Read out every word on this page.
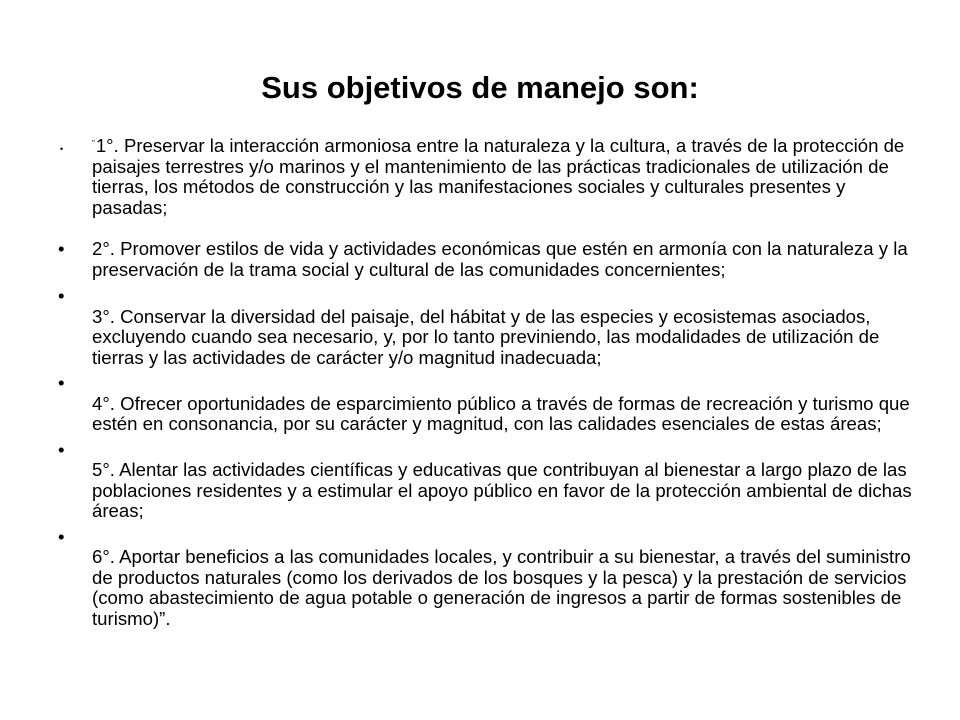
Sus objetivos de manejo son:
•
"1°. Preservar la interacción armoniosa entre la naturaleza y la cultura, a través de la protección de paisajes terrestres y/o marinos y el mantenimiento de las prácticas tradicionales de utilización de tierras, los métodos de construcción y las manifestaciones sociales y culturales presentes y pasadas;
• 2°. Promover estilos de vida y actividades económicas que estén en armonía con la naturaleza y la preservación de la trama social y cultural de las comunidades concernientes;
•
3°. Conservar la diversidad del paisaje, del hábitat y de las especies y ecosistemas asociados, excluyendo cuando sea necesario, y, por lo tanto previniendo, las modalidades de utilización de tierras y las actividades de carácter y/o magnitud inadecuada;
•
4°. Ofrecer oportunidades de esparcimiento público a través de formas de recreación y turismo que estén en consonancia, por su carácter y magnitud, con las calidades esenciales de estas áreas;
•
5°. Alentar las actividades científicas y educativas que contribuyan al bienestar a largo plazo de las poblaciones residentes y a estimular el apoyo público en favor de la protección ambiental de dichas áreas;
•
6°. Aportar beneficios a las comunidades locales, y contribuir a su bienestar, a través del suministro de productos naturales (como los derivados de los bosques y la pesca) y la prestación de servicios (como abastecimiento de agua potable o generación de ingresos a partir de formas sostenibles de turismo)”.
